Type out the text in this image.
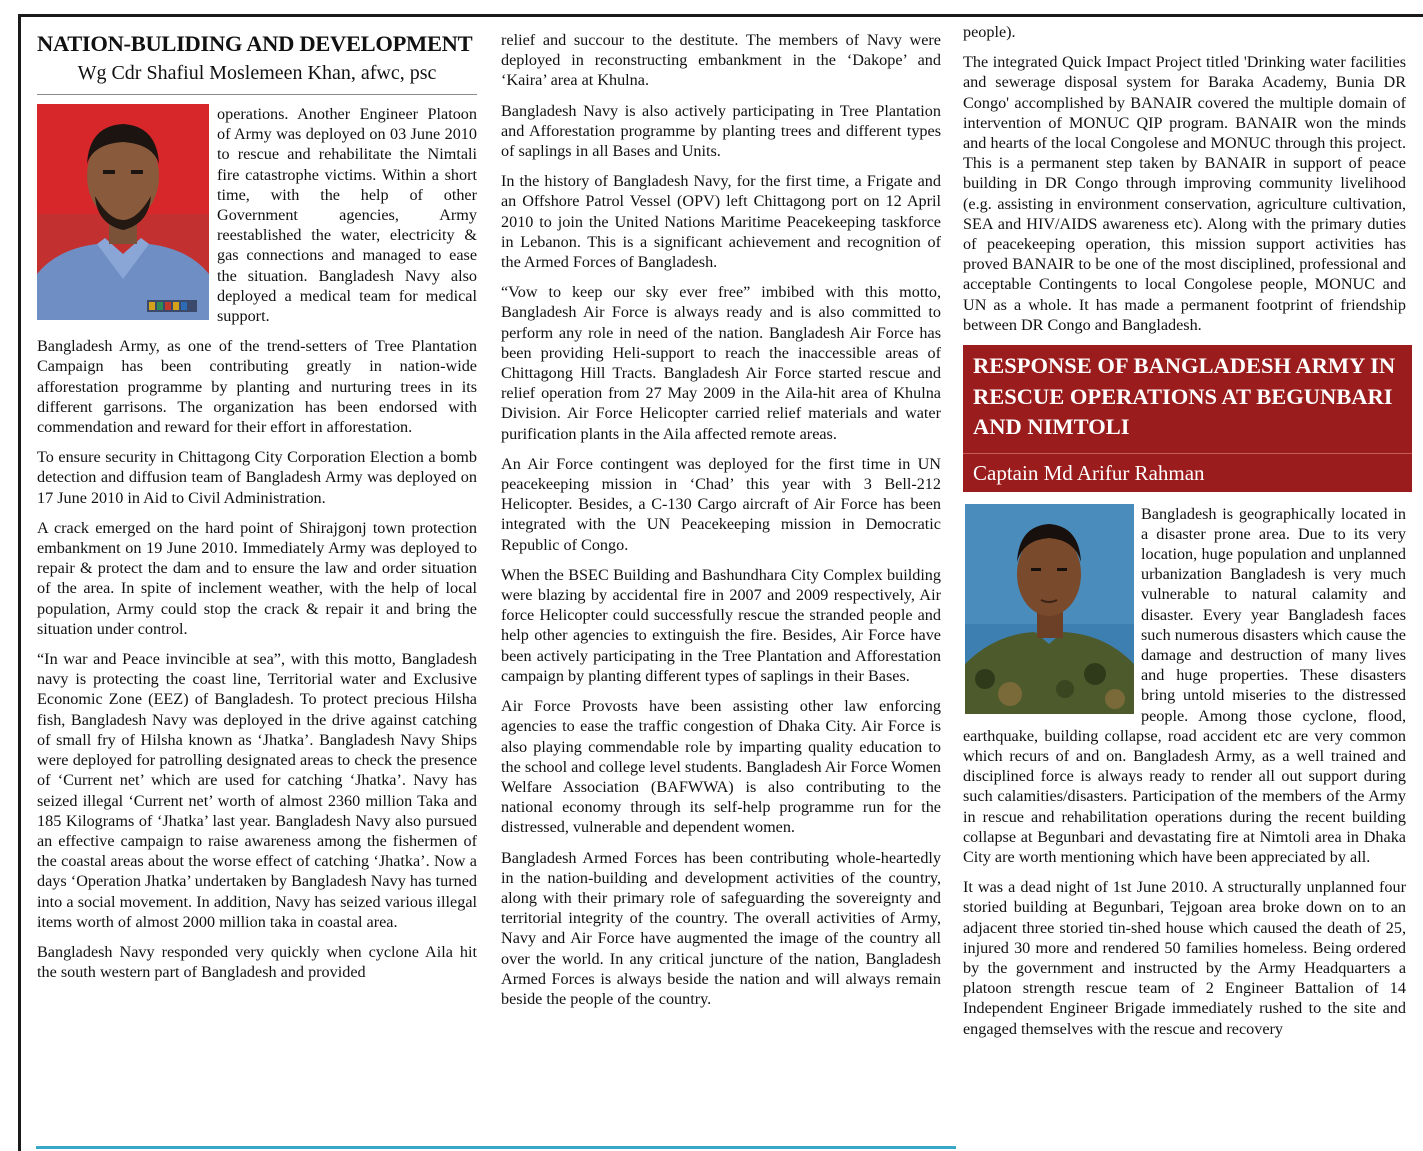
NATION-BULIDING AND DEVELOPMENT
Wg Cdr Shafiul Moslemeen Khan, afwc, psc

operations. Another Engineer Platoon of Army was deployed on 03 June 2010 to rescue and rehabilitate the Nimtali fire catastrophe victims. Within a short time, with the help of other Government agencies, Army reestablished the water, electricity & gas connections and managed to ease the situation. Bangladesh Navy also deployed a medical team for medical support.

Bangladesh Army, as one of the trend-setters of Tree Plantation Campaign has been contributing greatly in nation-wide afforestation programme by planting and nurturing trees in its different garrisons. The organization has been endorsed with commendation and reward for their effort in afforestation.

To ensure security in Chittagong City Corporation Election a bomb detection and diffusion team of Bangladesh Army was deployed on 17 June 2010 in Aid to Civil Administration.

A crack emerged on the hard point of Shirajgonj town protection embankment on 19 June 2010. Immediately Army was deployed to repair & protect the dam and to ensure the law and order situation of the area. In spite of inclement weather, with the help of local population, Army could stop the crack & repair it and bring the situation under control.

“In war and Peace invincible at sea”, with this motto, Bangladesh navy is protecting the coast line, Territorial water and Exclusive Economic Zone (EEZ) of Bangladesh. To protect precious Hilsha fish, Bangladesh Navy was deployed in the drive against catching of small fry of Hilsha known as ‘Jhatka’. Bangladesh Navy Ships were deployed for patrolling designated areas to check the presence of ‘Current net’ which are used for catching ‘Jhatka’. Navy has seized illegal ‘Current net’ worth of almost 2360 million Taka and 185 Kilograms of ‘Jhatka’ last year. Bangladesh Navy also pursued an effective campaign to raise awareness among the fishermen of the coastal areas about the worse effect of catching ‘Jhatka’. Now a days ‘Operation Jhatka’ undertaken by Bangladesh Navy has turned into a social movement. In addition, Navy has seized various illegal items worth of almost 2000 million taka in coastal area.

Bangladesh Navy responded very quickly when cyclone Aila hit the south western part of Bangladesh and provided

relief and succour to the destitute. The members of Navy were deployed in reconstructing embankment in the ‘Dakope’ and ‘Kaira’ area at Khulna.

Bangladesh Navy is also actively participating in Tree Plantation and Afforestation programme by planting trees and different types of saplings in all Bases and Units.

In the history of Bangladesh Navy, for the first time, a Frigate and an Offshore Patrol Vessel (OPV) left Chittagong port on 12 April 2010 to join the United Nations Maritime Peacekeeping taskforce in Lebanon. This is a significant achievement and recognition of the Armed Forces of Bangladesh.

“Vow to keep our sky ever free” imbibed with this motto, Bangladesh Air Force is always ready and is also committed to perform any role in need of the nation. Bangladesh Air Force has been providing Heli-support to reach the inaccessible areas of Chittagong Hill Tracts. Bangladesh Air Force started rescue and relief operation from 27 May 2009 in the Aila-hit area of Khulna Division. Air Force Helicopter carried relief materials and water purification plants in the Aila affected remote areas.

An Air Force contingent was deployed for the first time in UN peacekeeping mission in ‘Chad’ this year with 3 Bell-212 Helicopter. Besides, a C-130 Cargo aircraft of Air Force has been integrated with the UN Peacekeeping mission in Democratic Republic of Congo.

When the BSEC Building and Bashundhara City Complex building were blazing by accidental fire in 2007 and 2009 respectively, Air force Helicopter could successfully rescue the stranded people and help other agencies to extinguish the fire. Besides, Air Force have been actively participating in the Tree Plantation and Afforestation campaign by planting different types of saplings in their Bases.

Air Force Provosts have been assisting other law enforcing agencies to ease the traffic congestion of Dhaka City. Air Force is also playing commendable role by imparting quality education to the school and college level students. Bangladesh Air Force Women Welfare Association (BAFWWA) is also contributing to the national economy through its self-help programme run for the distressed, vulnerable and dependent women.

Bangladesh Armed Forces has been contributing whole-heartedly in the nation-building and development activities of the country, along with their primary role of safeguarding the sovereignty and territorial integrity of the country. The overall activities of Army, Navy and Air Force have augmented the image of the country all over the world. In any critical juncture of the nation, Bangladesh Armed Forces is always beside the nation and will always remain beside the people of the country.

people).

The integrated Quick Impact Project titled 'Drinking water facilities and sewerage disposal system for Baraka Academy, Bunia DR Congo' accomplished by BANAIR covered the multiple domain of intervention of MONUC QIP program. BANAIR won the minds and hearts of the local Congolese and MONUC through this project. This is a permanent step taken by BANAIR in support of peace building in DR Congo through improving community livelihood (e.g. assisting in environment conservation, agriculture cultivation, SEA and HIV/AIDS awareness etc). Along with the primary duties of peacekeeping operation, this mission support activities has proved BANAIR to be one of the most disciplined, professional and acceptable Contingents to local Congolese people, MONUC and UN as a whole. It has made a permanent footprint of friendship between DR Congo and Bangladesh.

RESPONSE OF BANGLADESH ARMY IN RESCUE OPERATIONS AT BEGUNBARI AND NIMTOLI
Captain Md Arifur Rahman

Bangladesh is geographically located in a disaster prone area. Due to its very location, huge population and unplanned urbanization Bangladesh is very much vulnerable to natural calamity and disaster. Every year Bangladesh faces such numerous disasters which cause the damage and destruction of many lives and huge properties. These disasters bring untold miseries to the distressed people. Among those cyclone, flood, earthquake, building collapse, road accident etc are very common which recurs of and on. Bangladesh Army, as a well trained and disciplined force is always ready to render all out support during such calamities/disasters. Participation of the members of the Army in rescue and rehabilitation operations during the recent building collapse at Begunbari and devastating fire at Nimtoli area in Dhaka City are worth mentioning which have been appreciated by all.

It was a dead night of 1st June 2010. A structurally unplanned four storied building at Begunbari, Tejgoan area broke down on to an adjacent three storied tin-shed house which caused the death of 25, injured 30 more and rendered 50 families homeless. Being ordered by the government and instructed by the Army Headquarters a platoon strength rescue team of 2 Engineer Battalion of 14 Independent Engineer Brigade immediately rushed to the site and engaged themselves with the rescue and recovery
